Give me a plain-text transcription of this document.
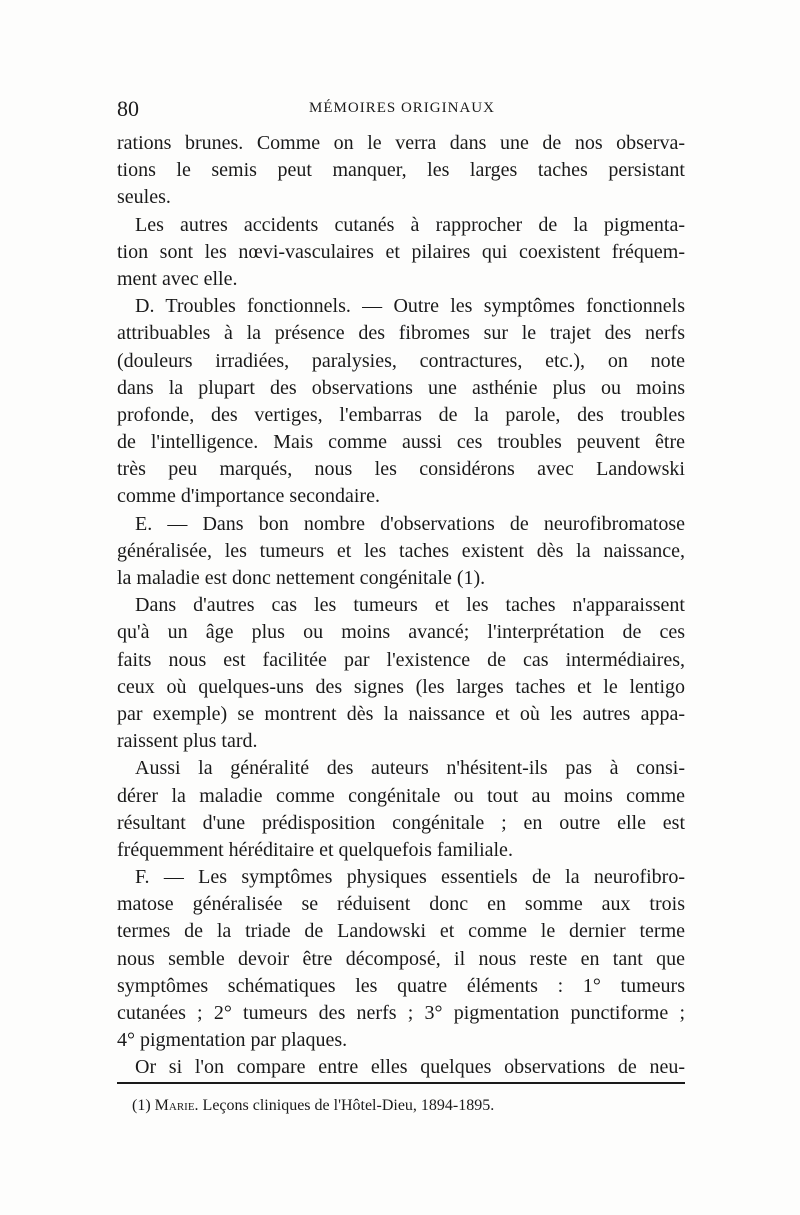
80	MÉMOIRES ORIGINAUX
rations brunes. Comme on le verra dans une de nos observa-
tions le semis peut manquer, les larges taches persistant
seules.
Les autres accidents cutanés à rapprocher de la pigmenta-
tion sont les nœvi-vasculaires et pilaires qui coexistent fréquem-
ment avec elle.
D. Troubles fonctionnels. — Outre les symptômes fonctionnels
attribuables à la présence des fibromes sur le trajet des nerfs
(douleurs irradiées, paralysies, contractures, etc.), on note
dans la plupart des observations une asthénie plus ou moins
profonde, des vertiges, l'embarras de la parole, des troubles
de l'intelligence. Mais comme aussi ces troubles peuvent être
très peu marqués, nous les considérons avec Landowski
comme d'importance secondaire.
E. — Dans bon nombre d'observations de neurofibromatose
généralisée, les tumeurs et les taches existent dès la naissance,
la maladie est donc nettement congénitale (1).
Dans d'autres cas les tumeurs et les taches n'apparaissent
qu'à un âge plus ou moins avancé; l'interprétation de ces
faits nous est facilitée par l'existence de cas intermédiaires,
ceux où quelques-uns des signes (les larges taches et le lentigo
par exemple) se montrent dès la naissance et où les autres appa-
raissent plus tard.
Aussi la généralité des auteurs n'hésitent-ils pas à consi-
dérer la maladie comme congénitale ou tout au moins comme
résultant d'une prédisposition congénitale ; en outre elle est
fréquemment héréditaire et quelquefois familiale.
F. — Les symptômes physiques essentiels de la neurofibro-
matose généralisée se réduisent donc en somme aux trois
termes de la triade de Landowski et comme le dernier terme
nous semble devoir être décomposé, il nous reste en tant que
symptômes schématiques les quatre éléments : 1° tumeurs
cutanées ; 2° tumeurs des nerfs ; 3° pigmentation punctiforme ;
4° pigmentation par plaques.
Or si l'on compare entre elles quelques observations de neu-
(1) Marie. Leçons cliniques de l'Hôtel-Dieu, 1894-1895.
